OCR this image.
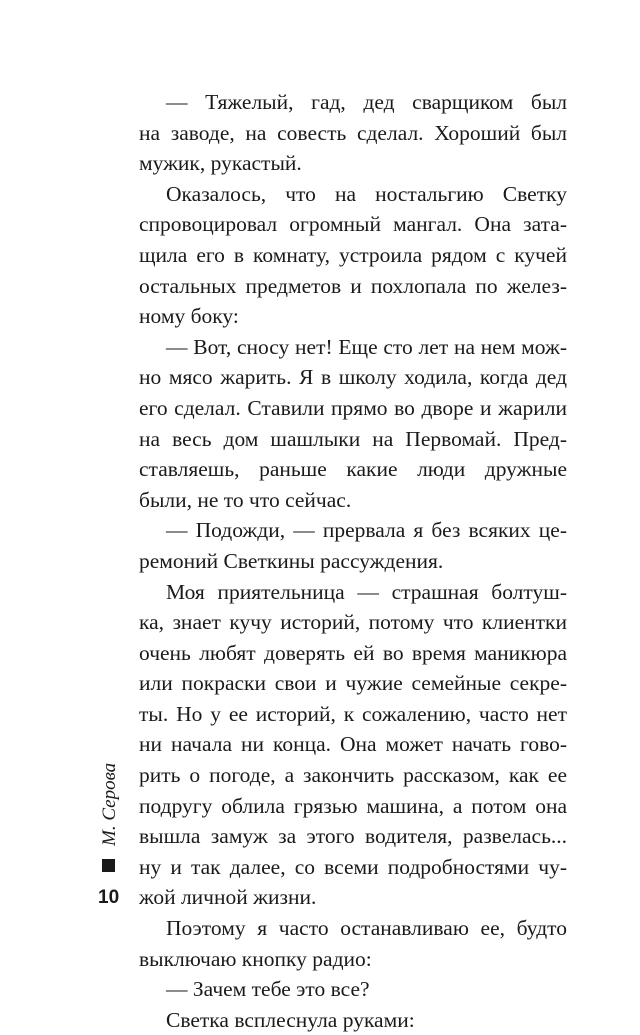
— Тяжелый, гад, дед сварщиком был
на заводе, на совесть сделал. Хороший был
мужик, рукастый.
Оказалось, что на ностальгию Светку
спровоцировал огромный мангал. Она зата-
щила его в комнату, устроила рядом с кучей
остальных предметов и похлопала по желез-
ному боку:
— Вот, сносу нет! Еще сто лет на нем мож-
но мясо жарить. Я в школу ходила, когда дед
его сделал. Ставили прямо во дворе и жарили
на весь дом шашлыки на Первомай. Пред-
ставляешь, раньше какие люди дружные
были, не то что сейчас.
— Подожди, — прервала я без всяких це-
ремоний Светкины рассуждения.
Моя приятельница — страшная болтуш-
ка, знает кучу историй, потому что клиентки
очень любят доверять ей во время маникюра
или покраски свои и чужие семейные секре-
ты. Но у ее историй, к сожалению, часто нет
ни начала ни конца. Она может начать гово-
рить о погоде, а закончить рассказом, как ее
подругу облила грязью машина, а потом она
вышла замуж за этого водителя, развелась...
ну и так далее, со всеми подробностями чу-
жой личной жизни.
Поэтому я часто останавливаю ее, будто
выключаю кнопку радио:
— Зачем тебе это все?
Светка всплеснула руками:
М. Серова
10
